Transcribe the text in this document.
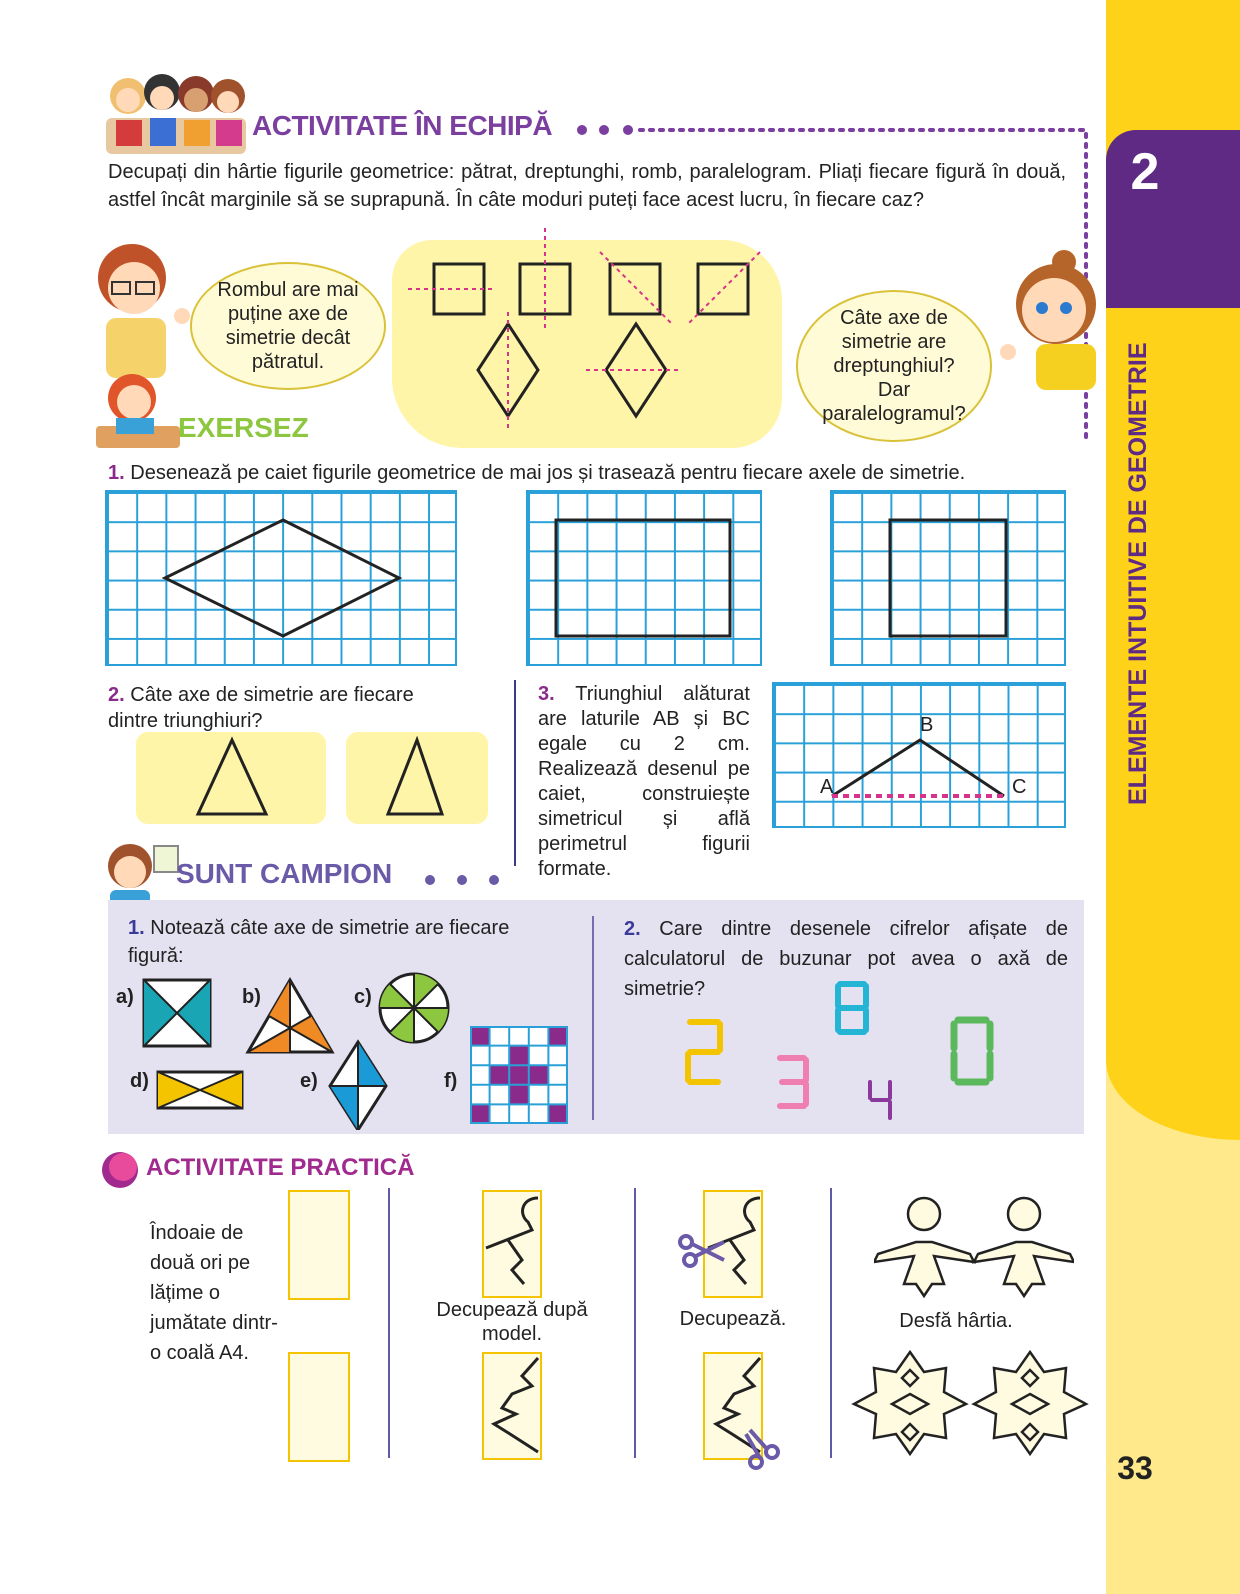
2
ELEMENTE INTUITIVE DE GEOMETRIE
33
ACTIVITATE ÎN ECHIPĂ
Decupați din hârtie figurile geometrice: pătrat, dreptunghi, romb, paralelogram. Pliați fiecare figură în două, astfel încât marginile să se suprapună. În câte moduri puteți face acest lucru, în fiecare caz?
Rombul are mai puține axe de simetrie decât pătratul.
Câte axe de simetrie are dreptunghiul? Dar paralelogramul?
EXERSEZ
1. Desenează pe caiet figurile geometrice de mai jos și trasează pentru fiecare axele de simetrie.
2. Câte axe de simetrie are fiecare dintre triunghiuri?
3. Triunghiul alăturat are laturile AB și BC egale cu 2 cm. Realizează desenul pe caiet, construiește simetricul și află perimetrul figurii formate.
A
B
C
SUNT CAMPION
1. Notează câte axe de simetrie are fiecare figură:
a)	b)	c)
d)	e)	f)
2. Care dintre desenele cifrelor afișate de calculatorul de buzunar pot avea o axă de simetrie?
ACTIVITATE PRACTICĂ
Îndoaie de două ori pe lățime o jumătate dintr-o coală A4.
Decupează după model.
Decupează.	Desfă hârtia.
